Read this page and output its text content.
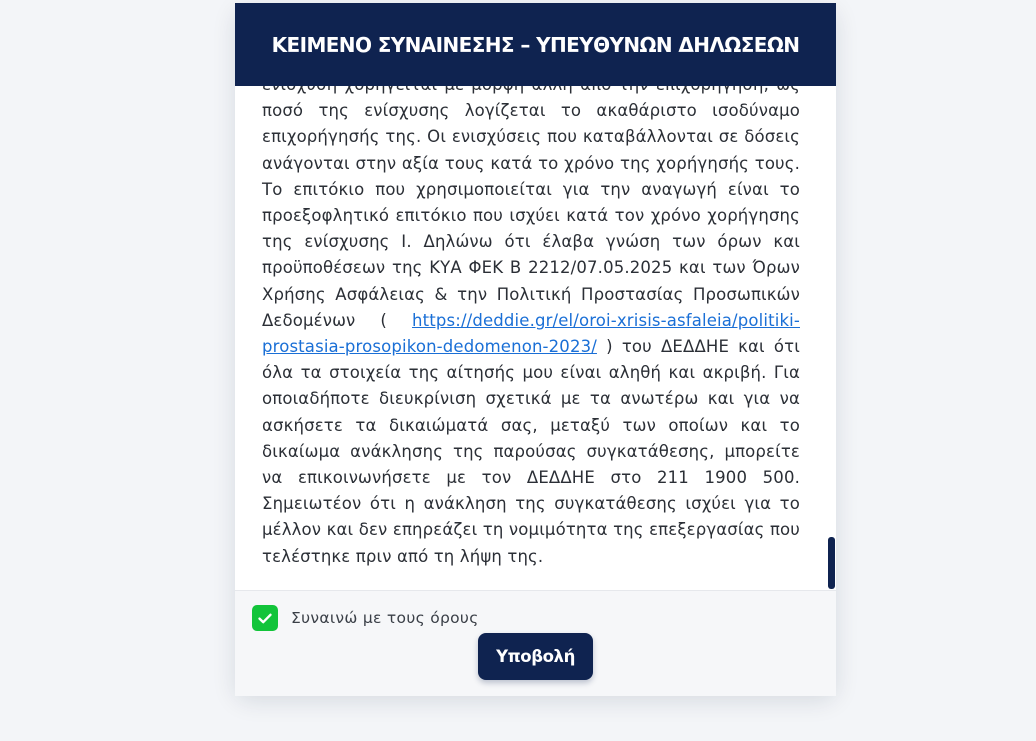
ΚΕΙΜΕΝΟ ΣΥΝΑΙΝΕΣΗΣ – ΥΠΕΥΘΥΝΩΝ ΔΗΛΩΣΕΩΝ

ποσό της ενίσχυσης λογίζεται το ακαθάριστο ισοδύναμο επιχορήγησής της. Οι ενισχύσεις που καταβάλλονται σε δόσεις ανάγονται στην αξία τους κατά το χρόνο της χορήγησής τους. Το επιτόκιο που χρησιμοποιείται για την αναγωγή είναι το προεξοφλητικό επιτόκιο που ισχύει κατά τον χρόνο χορήγησης της ενίσχυσης Ι. Δηλώνω ότι έλαβα γνώση των όρων και προϋποθέσεων της ΚΥΑ ΦΕΚ Β 2212/07.05.2025 και των Όρων Χρήσης Ασφάλειας & την Πολιτική Προστασίας Προσωπικών Δεδομένων ( https://deddie.gr/el/oroi-xrisis-asfaleia/politiki-prostasia-prosopikon-dedomenon-2023/ ) του ΔΕΔΔΗΕ και ότι όλα τα στοιχεία της αίτησής μου είναι αληθή και ακριβή. Για οποιαδήποτε διευκρίνιση σχετικά με τα ανωτέρω και για να ασκήσετε τα δικαιώματά σας, μεταξύ των οποίων και το δικαίωμα ανάκλησης της παρούσας συγκατάθεσης, μπορείτε να επικοινωνήσετε με τον ΔΕΔΔΗΕ στο 211 1900 500. Σημειωτέον ότι η ανάκληση της συγκατάθεσης ισχύει για το μέλλον και δεν επηρεάζει τη νομιμότητα της επεξεργασίας που τελέστηκε πριν από τη λήψη της.

Συναινώ με τους όρους
Υποβολή
